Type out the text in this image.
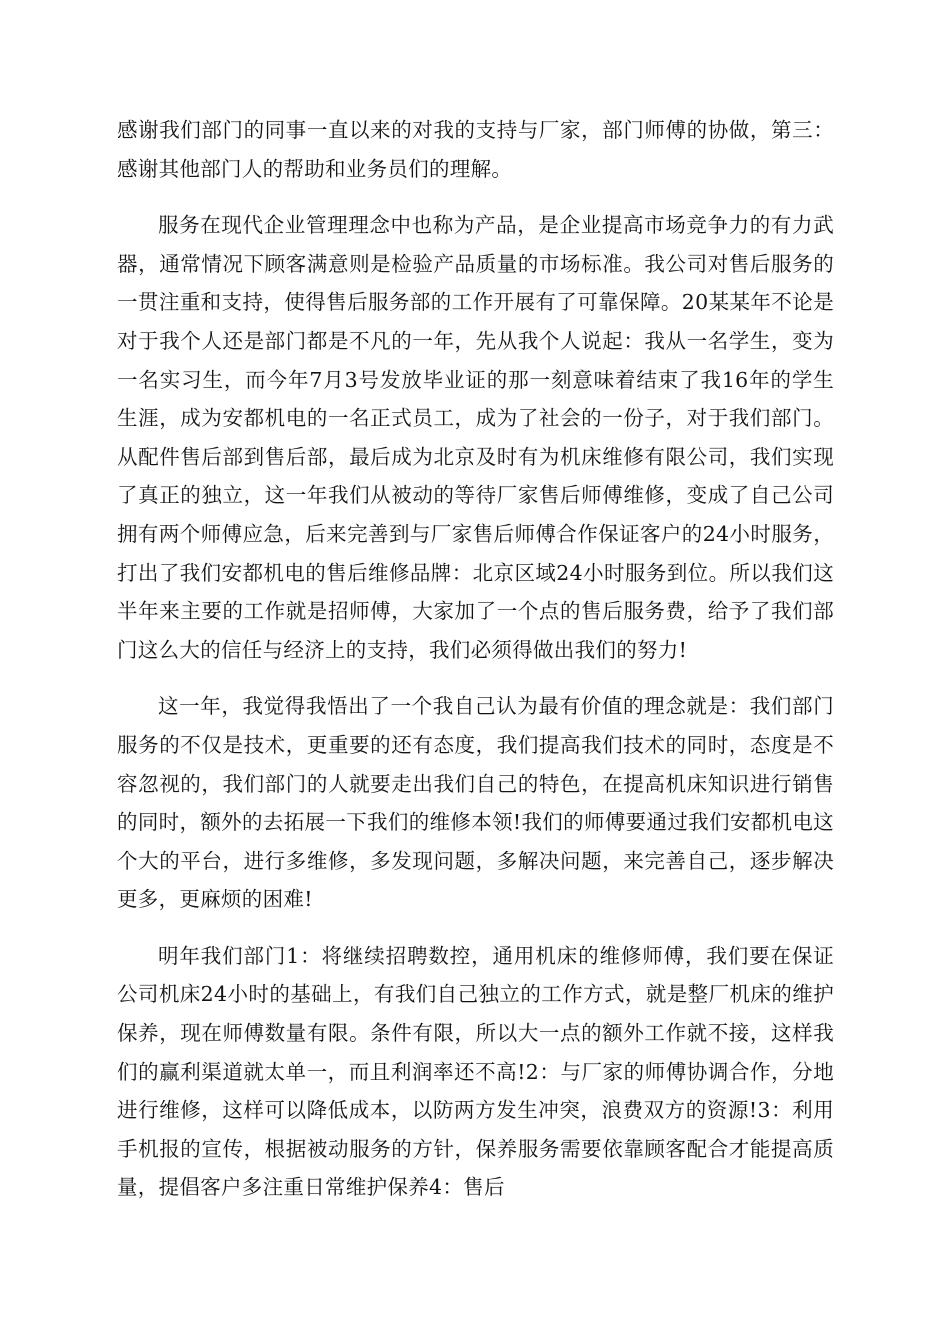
感谢我们部门的同事一直以来的对我的支持与厂家，部门师傅的协做，第三：感谢其他部门人的帮助和业务员们的理解。

服务在现代企业管理理念中也称为产品，是企业提高市场竞争力的有力武器，通常情况下顾客满意则是检验产品质量的市场标准。我公司对售后服务的一贯注重和支持，使得售后服务部的工作开展有了可靠保障。20某某年不论是对于我个人还是部门都是不凡的一年，先从我个人说起：我从一名学生，变为一名实习生，而今年7月3号发放毕业证的那一刻意味着结束了我16年的学生生涯，成为安都机电的一名正式员工，成为了社会的一份子，对于我们部门。从配件售后部到售后部，最后成为北京及时有为机床维修有限公司，我们实现了真正的独立，这一年我们从被动的等待厂家售后师傅维修，变成了自己公司拥有两个师傅应急，后来完善到与厂家售后师傅合作保证客户的24小时服务，打出了我们安都机电的售后维修品牌：北京区域24小时服务到位。所以我们这半年来主要的工作就是招师傅，大家加了一个点的售后服务费，给予了我们部门这么大的信任与经济上的支持，我们必须得做出我们的努力!

这一年，我觉得我悟出了一个我自己认为最有价值的理念就是：我们部门服务的不仅是技术，更重要的还有态度，我们提高我们技术的同时，态度是不容忽视的，我们部门的人就要走出我们自己的特色，在提高机床知识进行销售的同时，额外的去拓展一下我们的维修本领!我们的师傅要通过我们安都机电这个大的平台，进行多维修，多发现问题，多解决问题，来完善自己，逐步解决更多，更麻烦的困难!

明年我们部门1：将继续招聘数控，通用机床的维修师傅，我们要在保证公司机床24小时的基础上，有我们自己独立的工作方式，就是整厂机床的维护保养，现在师傅数量有限。条件有限，所以大一点的额外工作就不接，这样我们的赢利渠道就太单一，而且利润率还不高!2：与厂家的师傅协调合作，分地进行维修，这样可以降低成本，以防两方发生冲突，浪费双方的资源!3：利用手机报的宣传，根据被动服务的方针，保养服务需要依靠顾客配合才能提高质量，提倡客户多注重日常维护保养4：售后
